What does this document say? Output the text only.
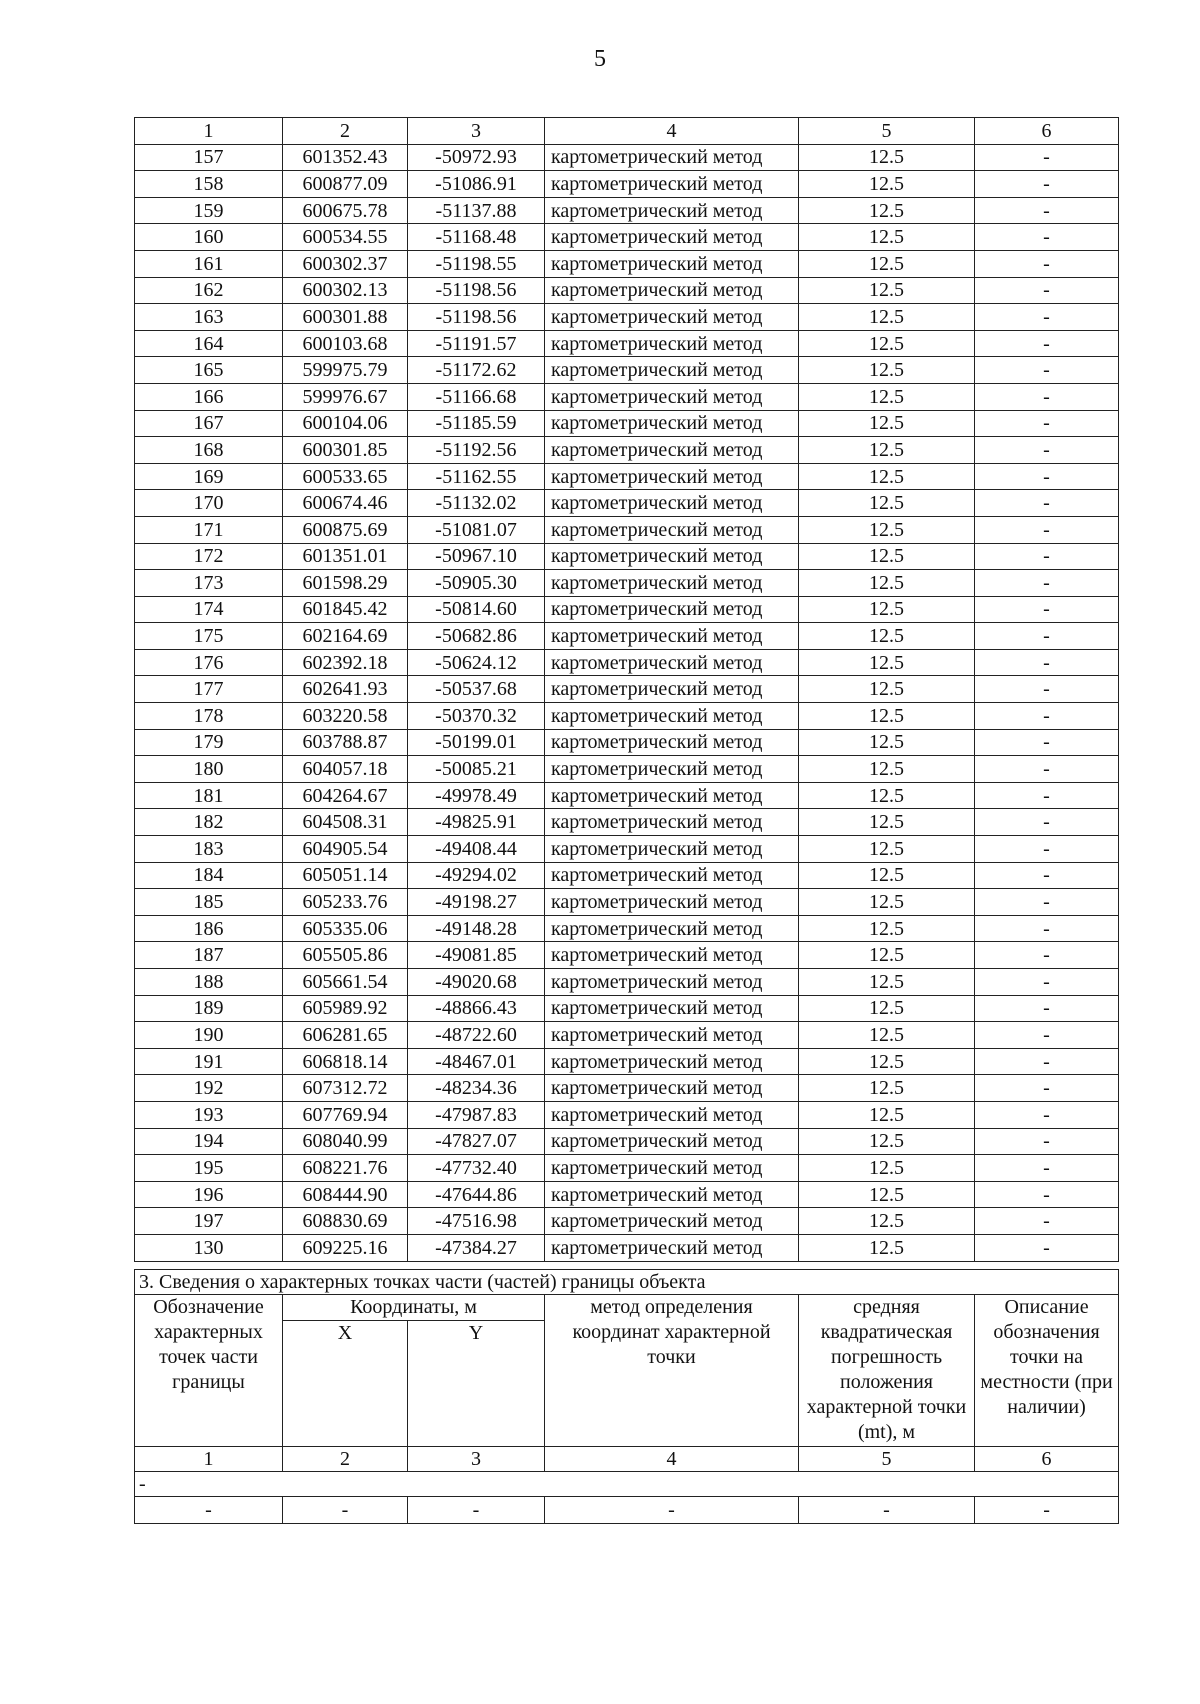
5
1	2	3	4	5	6
157	601352.43	-50972.93	картометрический метод	12.5	-
158	600877.09	-51086.91	картометрический метод	12.5	-
159	600675.78	-51137.88	картометрический метод	12.5	-
160	600534.55	-51168.48	картометрический метод	12.5	-
161	600302.37	-51198.55	картометрический метод	12.5	-
162	600302.13	-51198.56	картометрический метод	12.5	-
163	600301.88	-51198.56	картометрический метод	12.5	-
164	600103.68	-51191.57	картометрический метод	12.5	-
165	599975.79	-51172.62	картометрический метод	12.5	-
166	599976.67	-51166.68	картометрический метод	12.5	-
167	600104.06	-51185.59	картометрический метод	12.5	-
168	600301.85	-51192.56	картометрический метод	12.5	-
169	600533.65	-51162.55	картометрический метод	12.5	-
170	600674.46	-51132.02	картометрический метод	12.5	-
171	600875.69	-51081.07	картометрический метод	12.5	-
172	601351.01	-50967.10	картометрический метод	12.5	-
173	601598.29	-50905.30	картометрический метод	12.5	-
174	601845.42	-50814.60	картометрический метод	12.5	-
175	602164.69	-50682.86	картометрический метод	12.5	-
176	602392.18	-50624.12	картометрический метод	12.5	-
177	602641.93	-50537.68	картометрический метод	12.5	-
178	603220.58	-50370.32	картометрический метод	12.5	-
179	603788.87	-50199.01	картометрический метод	12.5	-
180	604057.18	-50085.21	картометрический метод	12.5	-
181	604264.67	-49978.49	картометрический метод	12.5	-
182	604508.31	-49825.91	картометрический метод	12.5	-
183	604905.54	-49408.44	картометрический метод	12.5	-
184	605051.14	-49294.02	картометрический метод	12.5	-
185	605233.76	-49198.27	картометрический метод	12.5	-
186	605335.06	-49148.28	картометрический метод	12.5	-
187	605505.86	-49081.85	картометрический метод	12.5	-
188	605661.54	-49020.68	картометрический метод	12.5	-
189	605989.92	-48866.43	картометрический метод	12.5	-
190	606281.65	-48722.60	картометрический метод	12.5	-
191	606818.14	-48467.01	картометрический метод	12.5	-
192	607312.72	-48234.36	картометрический метод	12.5	-
193	607769.94	-47987.83	картометрический метод	12.5	-
194	608040.99	-47827.07	картометрический метод	12.5	-
195	608221.76	-47732.40	картометрический метод	12.5	-
196	608444.90	-47644.86	картометрический метод	12.5	-
197	608830.69	-47516.98	картометрический метод	12.5	-
130	609225.16	-47384.27	картометрический метод	12.5	-
3. Сведения о характерных точках части (частей) границы объекта					
Обозначение характерных точек части границы	Координаты, м		метод определения координат характерной точки	средняя квадратическая погрешность положения характерной точки (mt), м	Описание обозначения точки на местности (при наличии)
	X	Y			
1	2	3	4	5	6
-					
-	-	-	-	-	-
